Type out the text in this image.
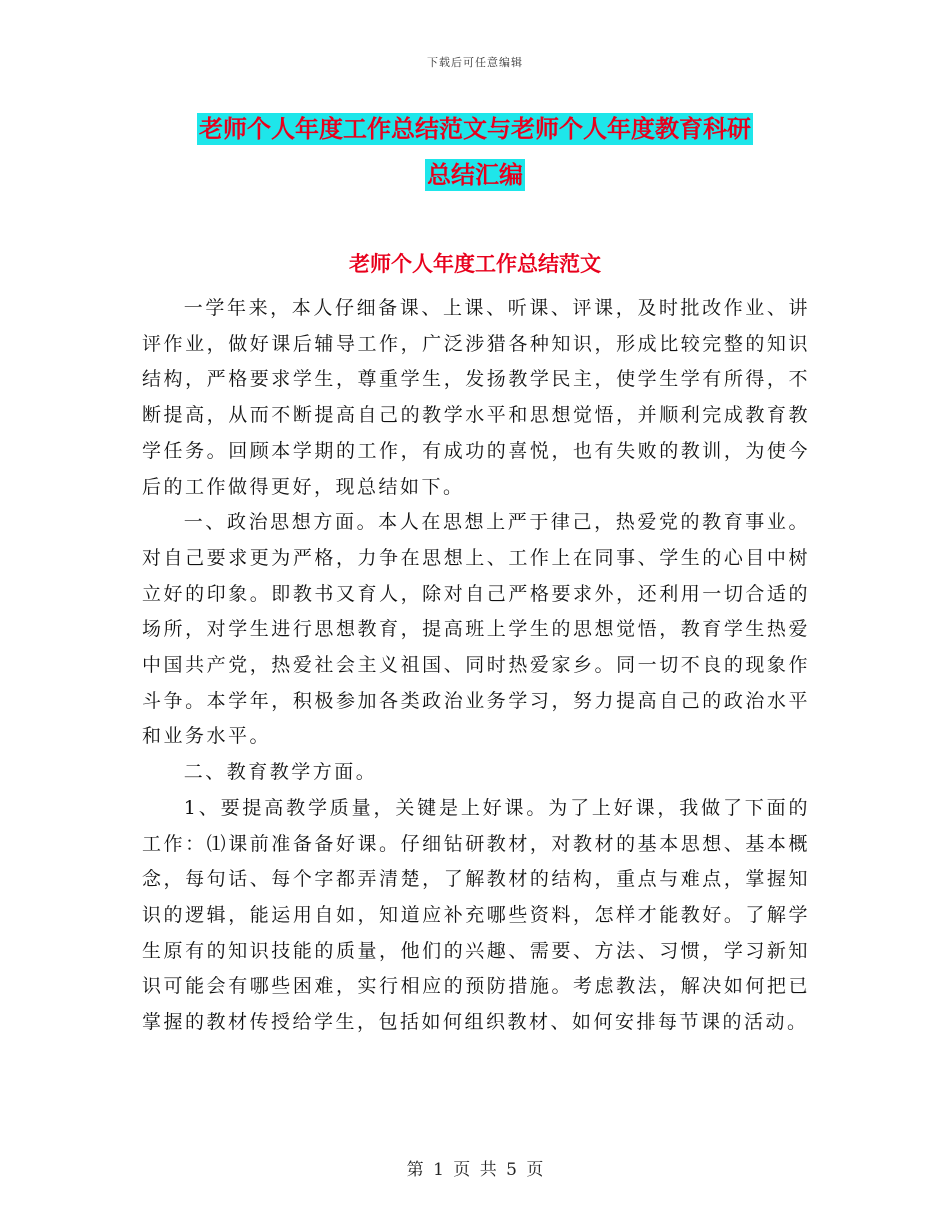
下载后可任意编辑
老师个人年度工作总结范文与老师个人年度教育科研
总结汇编
老师个人年度工作总结范文

一学年来，本人仔细备课、上课、听课、评课，及时批改作业、讲评作业，做好课后辅导工作，广泛涉猎各种知识，形成比较完整的知识结构，严格要求学生，尊重学生，发扬教学民主，使学生学有所得，不断提高，从而不断提高自己的教学水平和思想觉悟，并顺利完成教育教学任务。回顾本学期的工作，有成功的喜悦，也有失败的教训，为使今后的工作做得更好，现总结如下。

一、政治思想方面。本人在思想上严于律己，热爱党的教育事业。对自己要求更为严格，力争在思想上、工作上在同事、学生的心目中树立好的印象。即教书又育人，除对自己严格要求外，还利用一切合适的场所，对学生进行思想教育，提高班上学生的思想觉悟，教育学生热爱中国共产党，热爱社会主义祖国、同时热爱家乡。同一切不良的现象作斗争。本学年，积极参加各类政治业务学习，努力提高自己的政治水平和业务水平。

二、教育教学方面。

1、要提高教学质量，关键是上好课。为了上好课，我做了下面的工作：⑴课前准备备好课。仔细钻研教材，对教材的基本思想、基本概念，每句话、每个字都弄清楚，了解教材的结构，重点与难点，掌握知识的逻辑，能运用自如，知道应补充哪些资料，怎样才能教好。了解学生原有的知识技能的质量，他们的兴趣、需要、方法、习惯，学习新知识可能会有哪些困难，实行相应的预防措施。考虑教法，解决如何把已掌握的教材传授给学生，包括如何组织教材、如何安排每节课的活动。

第 1 页 共 5 页
